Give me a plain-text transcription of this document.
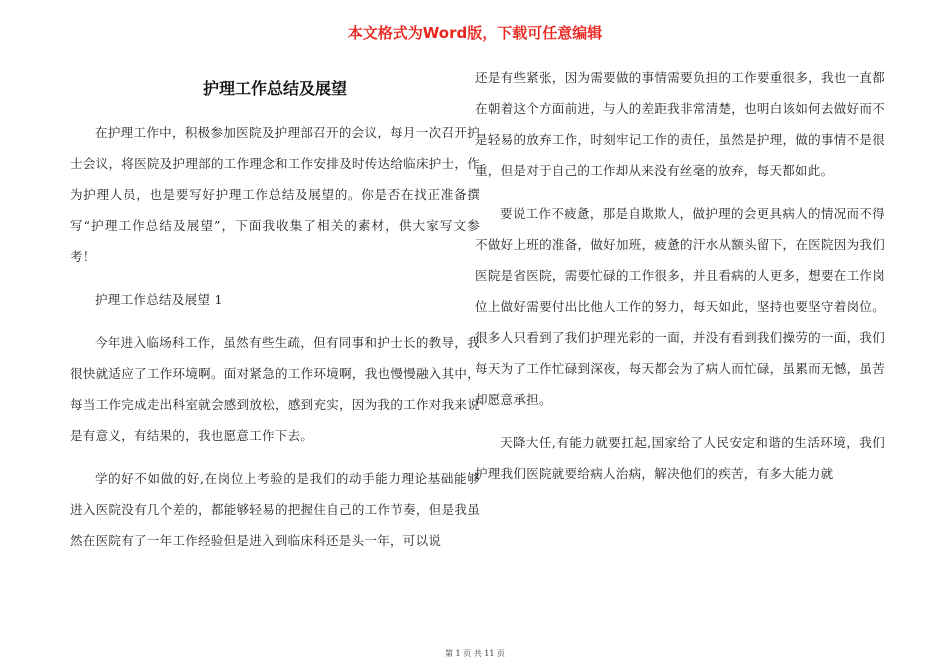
本文格式为Word版，下载可任意编辑
护理工作总结及展望

在护理工作中，积极参加医院及护理部召开的会议，每月一次召开护士会议，将医院及护理部的工作理念和工作安排及时传达给临床护士，作为护理人员，也是要写好护理工作总结及展望的。你是否在找正准备撰写“护理工作总结及展望”，下面我收集了相关的素材，供大家写文参考！

护理工作总结及展望 1

今年进入临场科工作，虽然有些生疏，但有同事和护士长的教导，我很快就适应了工作环境啊。面对紧急的工作环境啊，我也慢慢融入其中，每当工作完成走出科室就会感到放松，感到充实，因为我的工作对我来说是有意义，有结果的，我也愿意工作下去。

学的好不如做的好,在岗位上考验的是我们的动手能力理论基础能够进入医院没有几个差的，都能够轻易的把握住自己的工作节奏，但是我虽然在医院有了一年工作经验但是进入到临床科还是头一年，可以说

还是有些紧张，因为需要做的事情需要负担的工作要重很多，我也一直都在朝着这个方面前进，与人的差距我非常清楚，也明白该如何去做好而不是轻易的放弃工作，时刻牢记工作的责任，虽然是护理，做的事情不是很重，但是对于自己的工作却从来没有丝毫的放弃，每天都如此。

要说工作不疲惫，那是自欺欺人，做护理的会更具病人的情况而不得不做好上班的准备，做好加班，疲惫的汗水从额头留下，在医院因为我们医院是省医院，需要忙碌的工作很多，并且看病的人更多，想要在工作岗位上做好需要付出比他人工作的努力，每天如此，坚持也要坚守着岗位。很多人只看到了我们护理光彩的一面，并没有看到我们操劳的一面，我们每天为了工作忙碌到深夜，每天都会为了病人而忙碌，虽累而无憾，虽苦却愿意承担。

天降大任,有能力就要扛起,国家给了人民安定和谐的生活环境，我们护理我们医院就要给病人治病，解决他们的疾苦，有多大能力就

第 1 页 共 11 页
